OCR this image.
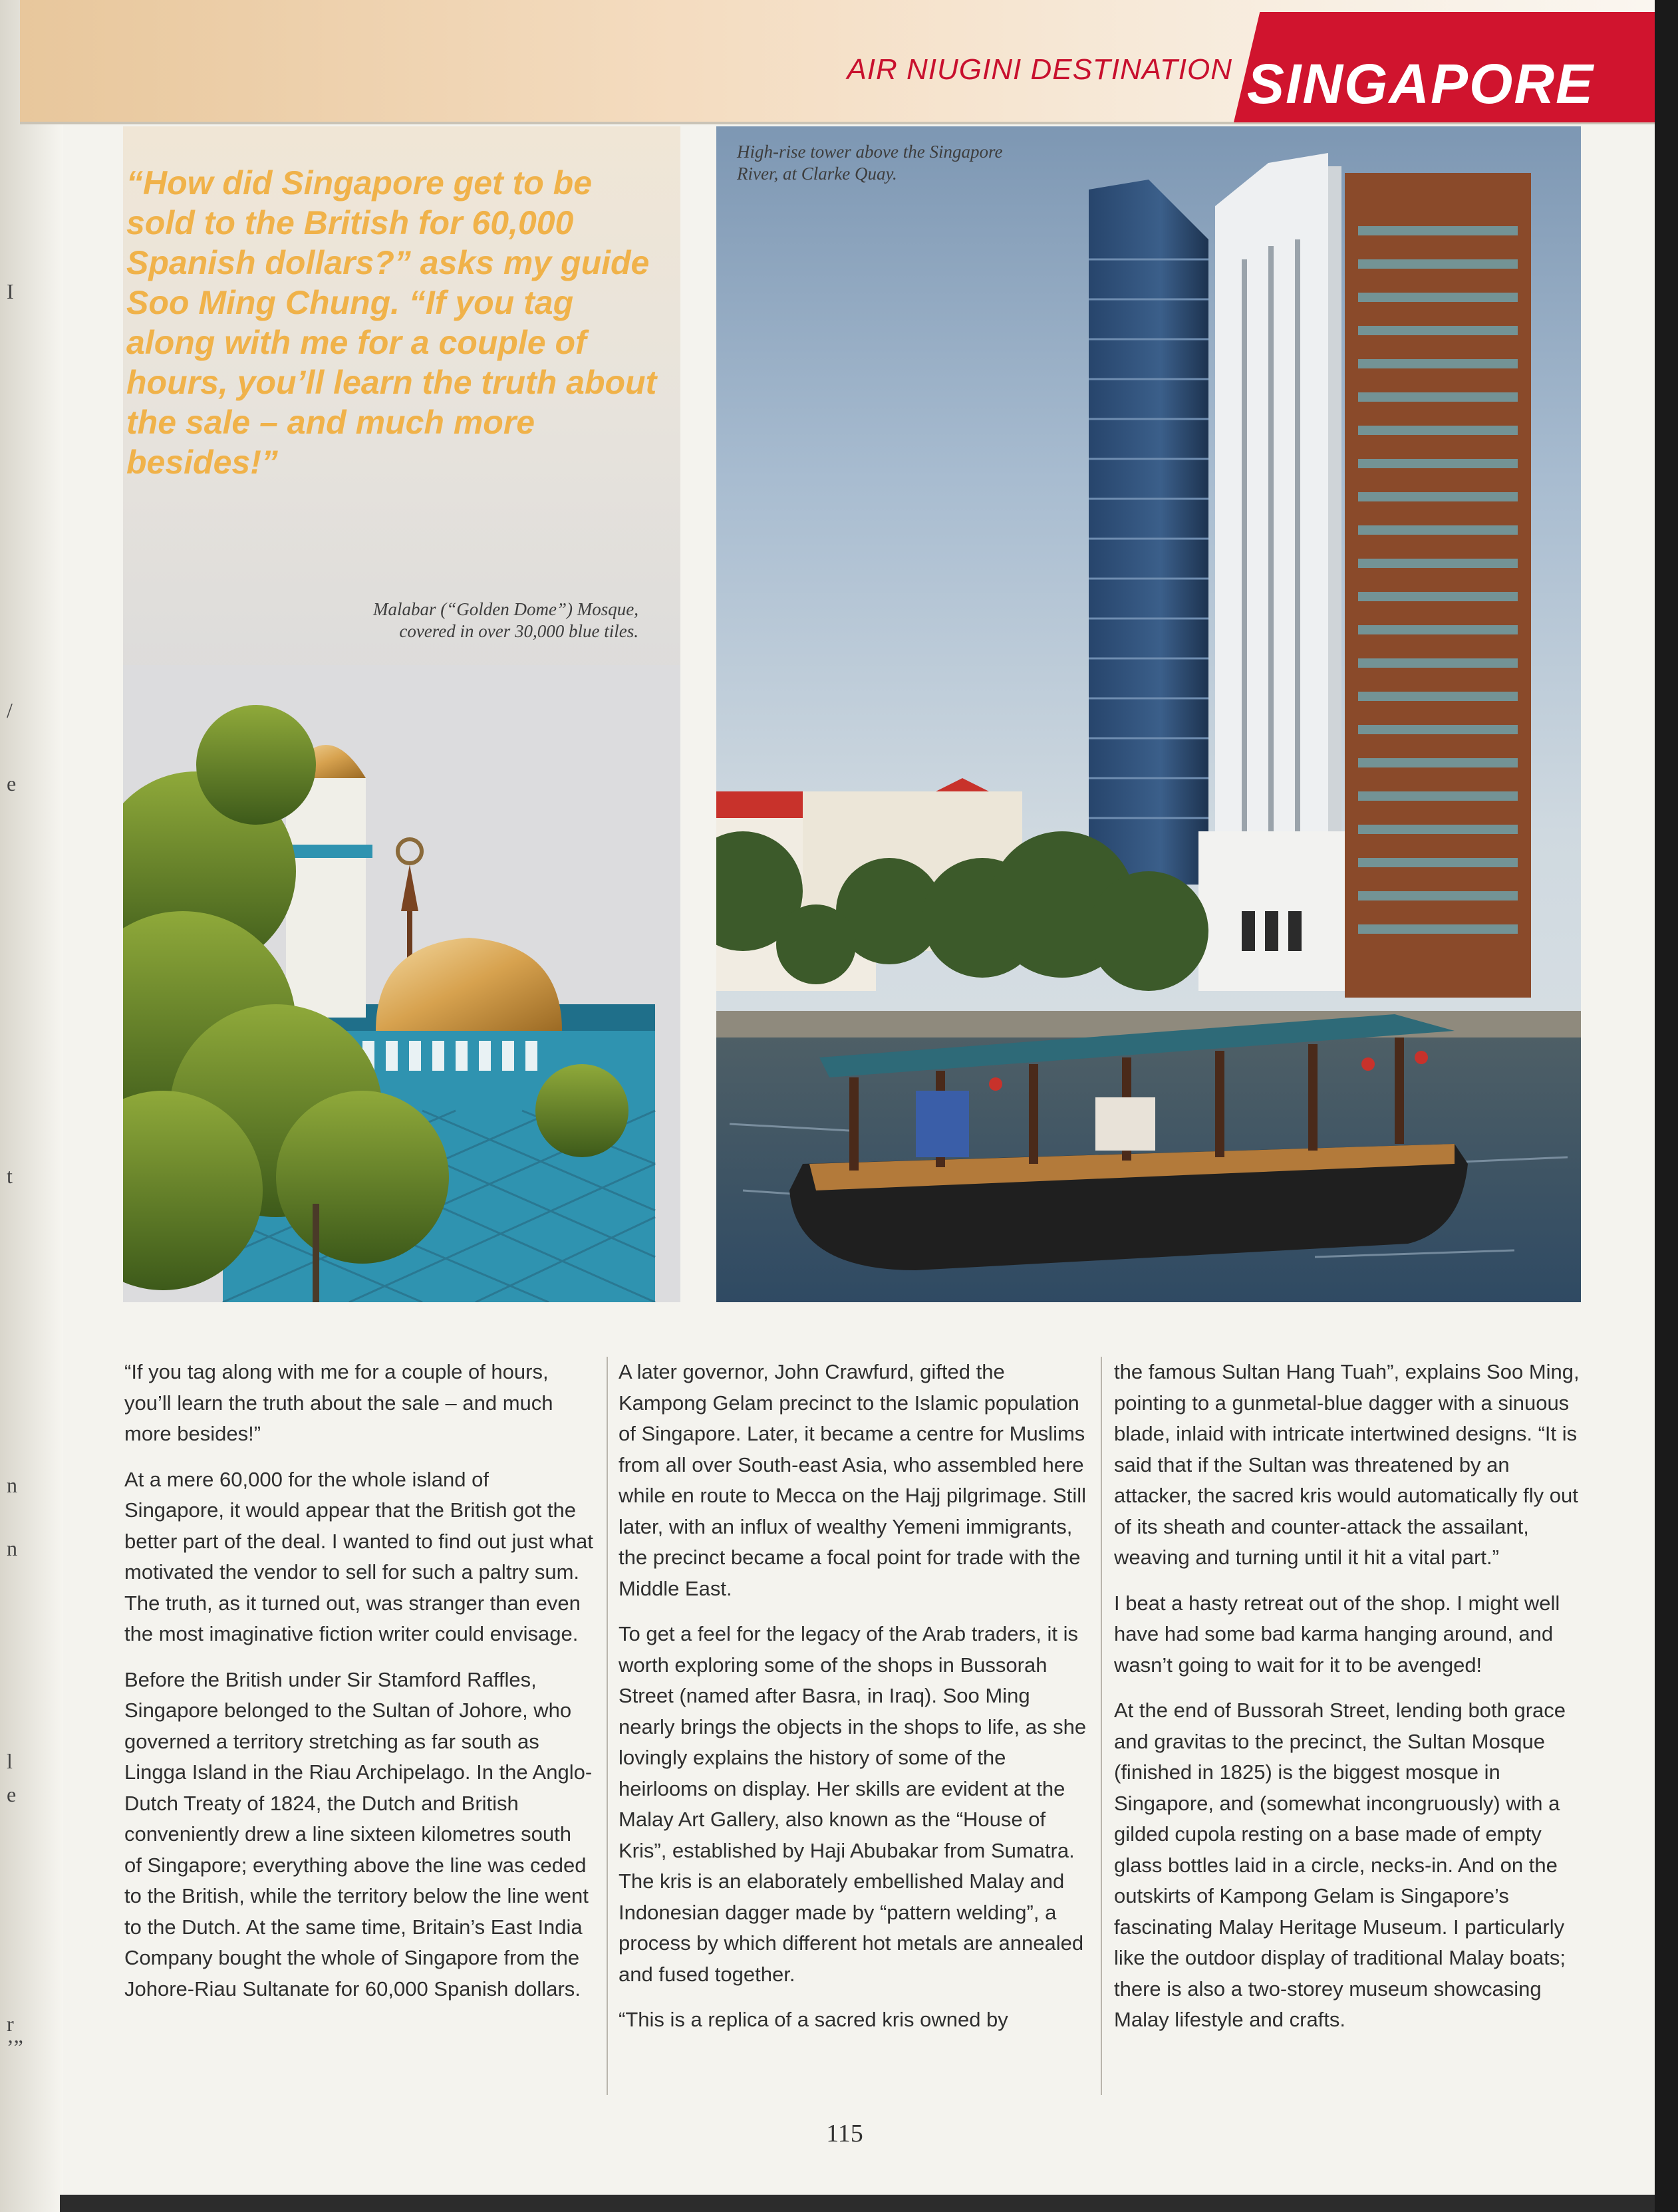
I
/
e
t
n
n
l
e
r
’”
AIR NIUGINI DESTINATION SINGAPORE
“How did Singapore get to be sold to the British for 60,000 Spanish dollars?” asks my guide Soo Ming Chung. “If you tag along with me for a couple of hours, you’ll learn the truth about the sale – and much more besides!”
Malabar (“Golden Dome”) Mosque, covered in over 30,000 blue tiles.
High-rise tower above the Singapore River, at Clarke Quay.

“If you tag along with me for a couple of hours, you’ll learn the truth about the sale – and much more besides!”

At a mere 60,000 for the whole island of Singapore, it would appear that the British got the better part of the deal. I wanted to find out just what motivated the vendor to sell for such a paltry sum. The truth, as it turned out, was stranger than even the most imaginative fiction writer could envisage.

Before the British under Sir Stamford Raffles, Singapore belonged to the Sultan of Johore, who governed a territory stretching as far south as Lingga Island in the Riau Archipelago. In the Anglo-Dutch Treaty of 1824, the Dutch and British conveniently drew a line sixteen kilometres south of Singapore; everything above the line was ceded to the British, while the territory below the line went to the Dutch. At the same time, Britain’s East India Company bought the whole of Singapore from the Johore-Riau Sultanate for 60,000 Spanish dollars.

A later governor, John Crawfurd, gifted the Kampong Gelam precinct to the Islamic population of Singapore. Later, it became a centre for Muslims from all over South-east Asia, who assembled here while en route to Mecca on the Hajj pilgrimage. Still later, with an influx of wealthy Yemeni immigrants, the precinct became a focal point for trade with the Middle East.

To get a feel for the legacy of the Arab traders, it is worth exploring some of the shops in Bussorah Street (named after Basra, in Iraq). Soo Ming nearly brings the objects in the shops to life, as she lovingly explains the history of some of the heirlooms on display. Her skills are evident at the Malay Art Gallery, also known as the “House of Kris”, established by Haji Abubakar from Sumatra. The kris is an elaborately embellished Malay and Indonesian dagger made by “pattern welding”, a process by which different hot metals are annealed and fused together.

“This is a replica of a sacred kris owned by

the famous Sultan Hang Tuah”, explains Soo Ming, pointing to a gunmetal-blue dagger with a sinuous blade, inlaid with intricate intertwined designs. “It is said that if the Sultan was threatened by an attacker, the sacred kris would automatically fly out of its sheath and counter-attack the assailant, weaving and turning until it hit a vital part.”

I beat a hasty retreat out of the shop. I might well have had some bad karma hanging around, and wasn’t going to wait for it to be avenged!

At the end of Bussorah Street, lending both grace and gravitas to the precinct, the Sultan Mosque (finished in 1825) is the biggest mosque in Singapore, and (somewhat incongruously) with a gilded cupola resting on a base made of empty glass bottles laid in a circle, necks-in. And on the outskirts of Kampong Gelam is Singapore’s fascinating Malay Heritage Museum. I particularly like the outdoor display of traditional Malay boats; there is also a two-storey museum showcasing Malay lifestyle and crafts.

115
